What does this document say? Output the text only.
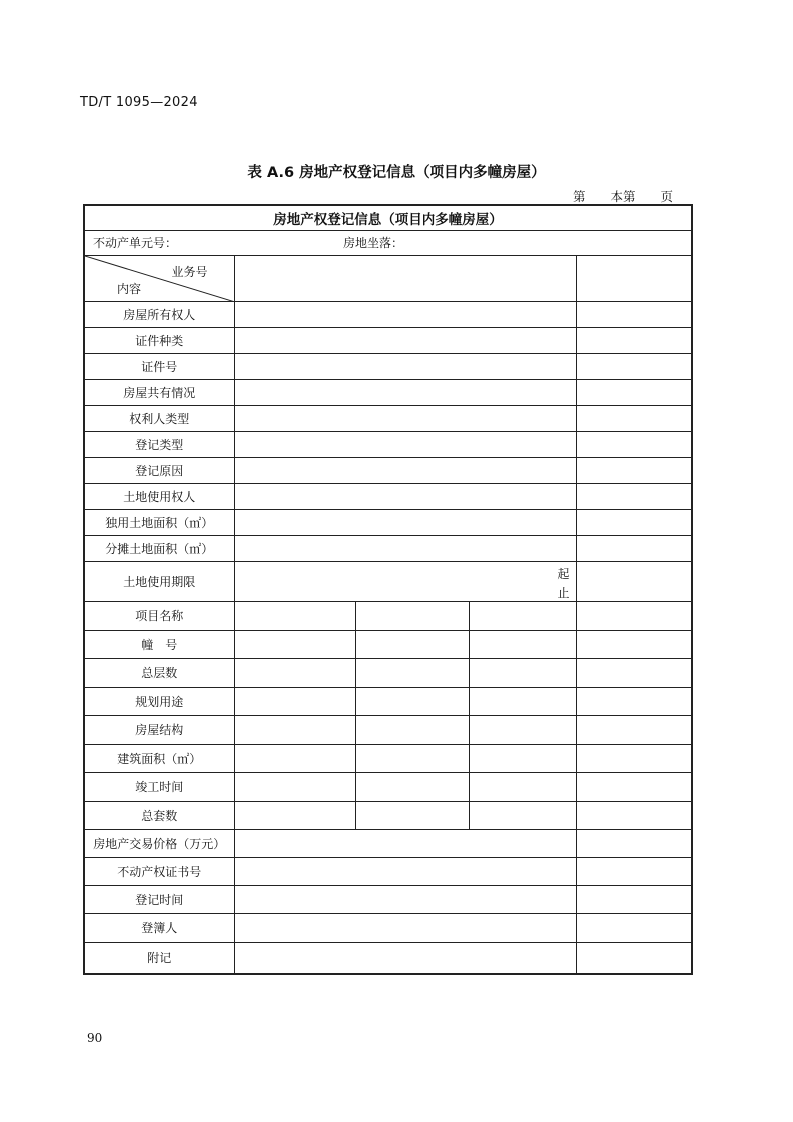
TD/T 1095—2024
表 A.6 房地产权登记信息（项目内多幢房屋）
第　　本第　　页
房地产权登记信息（项目内多幢房屋）				
不动产单元号： 房地坐落：				

业务号
内容				

房屋所有权人				
证件种类				
证件号				
房屋共有情况				
权利人类型				
登记类型				
登记原因				
土地使用权人				
独用土地面积（㎡）				
分摊土地面积（㎡）				
土地使用期限	起
止			

项目名称				
幢　号				
总层数				
规划用途				
房屋结构				
建筑面积（㎡）				
竣工时间				
总套数				
房地产交易价格（万元）				
不动产权证书号				
登记时间				
登簿人				
附记				
90
